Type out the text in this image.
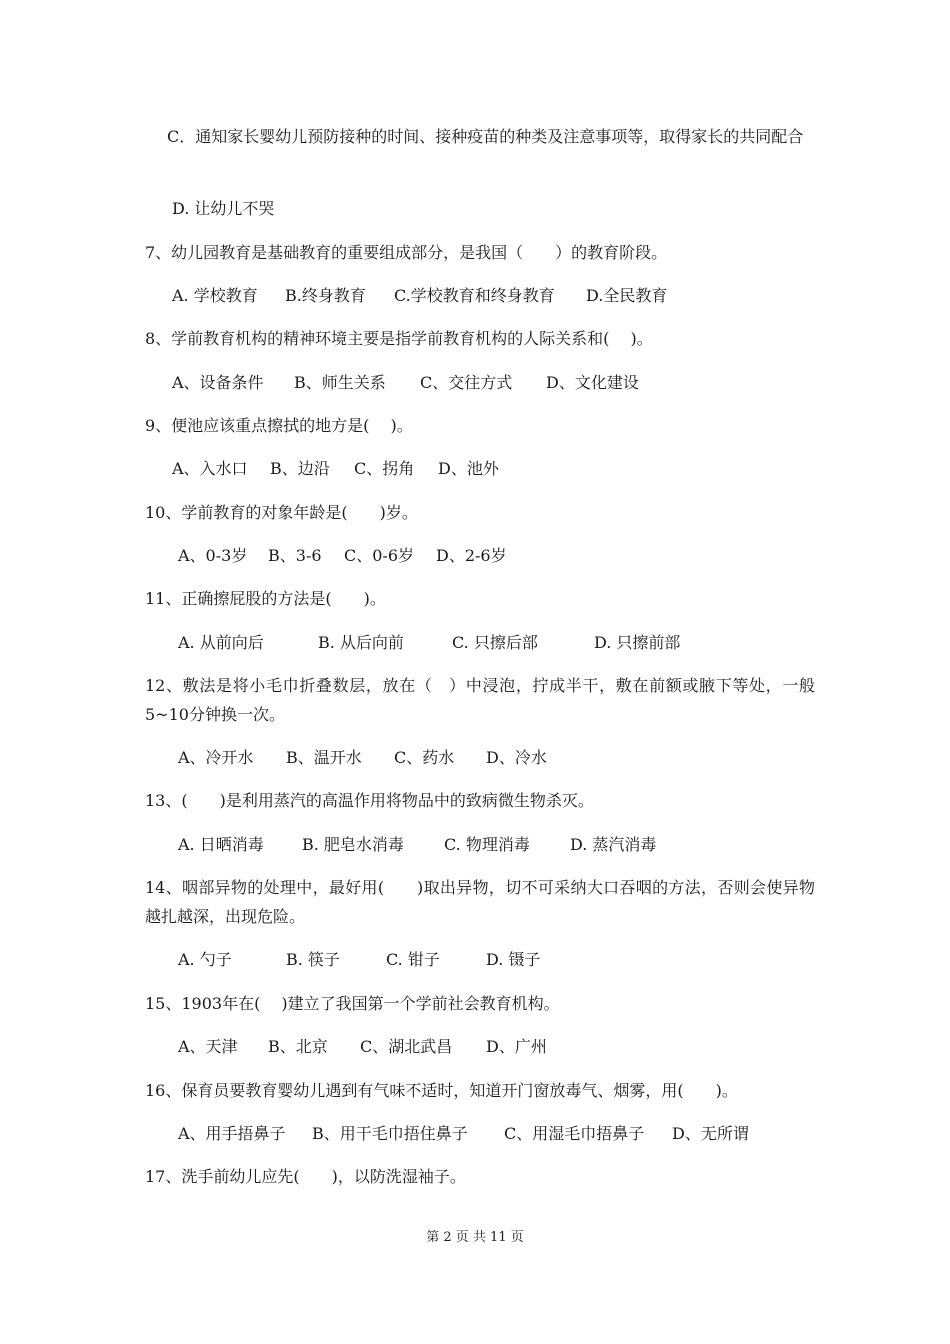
C．通知家长婴幼儿预防接种的时间、接种疫苗的种类及注意事项等，取得家长的共同配合
D. 让幼儿不哭
7、幼儿园教育是基础教育的重要组成部分，是我国（　　）的教育阶段。

A. 学校教育

B.终身教育

C.学校教育和终身教育

D.全民教育

8、学前教育机构的精神环境主要是指学前教育机构的人际关系和(　 )。

A、设备条件

B、师生关系

C、交往方式

D、文化建设

9、便池应该重点擦拭的地方是(　 )。

A、入水口

B、边沿

C、拐角

D、池外

10、学前教育的对象年龄是(　　)岁。

A、0-3岁

B、3-6

C、0-6岁

D、2-6岁

11、正确擦屁股的方法是(　　)。

A. 从前向后

	B. 从后向前

	C. 只擦后部

	D. 只擦前部

12、敷法是将小毛巾折叠数层，放在（　）中浸泡，拧成半干，敷在前额或腋下等处，一般5~10分钟换一次。

A、冷开水

B、温开水

C、药水

D、冷水

13、(　　)是利用蒸汽的高温作用将物品中的致病微生物杀灭。

A. 日晒消毒

B. 肥皂水消毒

	C. 物理消毒

	D. 蒸汽消毒

14、咽部异物的处理中，最好用(　　)取出异物，切不可采纳大口吞咽的方法，否则会使异物越扎越深，出现危险。

A. 勺子

	B. 筷子

	C. 钳子

	D. 镊子

15、1903年在(　 )建立了我国第一个学前社会教育机构。

A、天津

B、北京

C、湖北武昌

D、广州

16、保育员要教育婴幼儿遇到有气味不适时，知道开门窗放毒气、烟雾，用(　　)。

A、用手捂鼻子

B、用干毛巾捂住鼻子

C、用湿毛巾捂鼻子

D、无所谓

17、洗手前幼儿应先(　　)，以防洗湿袖子。
第 2 页 共 11 页
